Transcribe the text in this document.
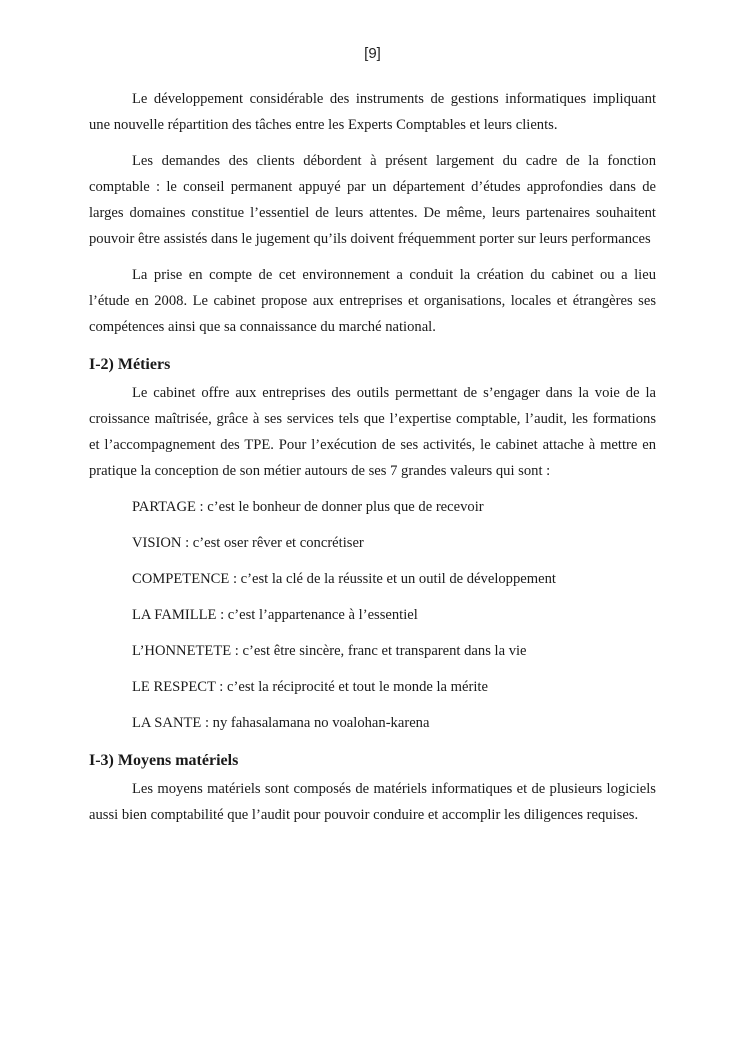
[9]

Le développement considérable des instruments de gestions informatiques impliquant une nouvelle répartition des tâches entre les Experts Comptables et leurs clients.

Les demandes des clients débordent à présent largement du cadre de la fonction comptable : le conseil permanent appuyé par un département d’études approfondies dans de larges domaines constitue l’essentiel de leurs attentes. De même, leurs partenaires souhaitent pouvoir être assistés dans le jugement qu’ils doivent fréquemment porter sur leurs performances

La prise en compte de cet environnement a conduit la création du cabinet ou a lieu l’étude en 2008. Le cabinet propose aux entreprises et organisations, locales et étrangères ses compétences ainsi que sa connaissance du marché national.

I-2) Métiers

Le cabinet offre aux entreprises des outils permettant de s’engager dans la voie de la croissance maîtrisée, grâce à ses services tels que l’expertise comptable, l’audit, les formations et l’accompagnement des TPE. Pour l’exécution de ses activités, le cabinet attache à mettre en pratique la conception de son métier autours de ses 7 grandes valeurs qui sont :

PARTAGE : c’est le bonheur de donner plus que de recevoir
VISION : c’est oser rêver et concrétiser
COMPETENCE : c’est la clé de la réussite et un outil de développement
LA FAMILLE : c’est l’appartenance à l’essentiel
L’HONNETETE : c’est être sincère, franc et transparent dans la vie
LE RESPECT : c’est la réciprocité et tout le monde la mérite
LA SANTE : ny fahasalamana no voalohan-karena
I-3) Moyens matériels

Les moyens matériels sont composés de matériels informatiques et de plusieurs logiciels aussi bien comptabilité que l’audit pour pouvoir conduire et accomplir les diligences requises.
